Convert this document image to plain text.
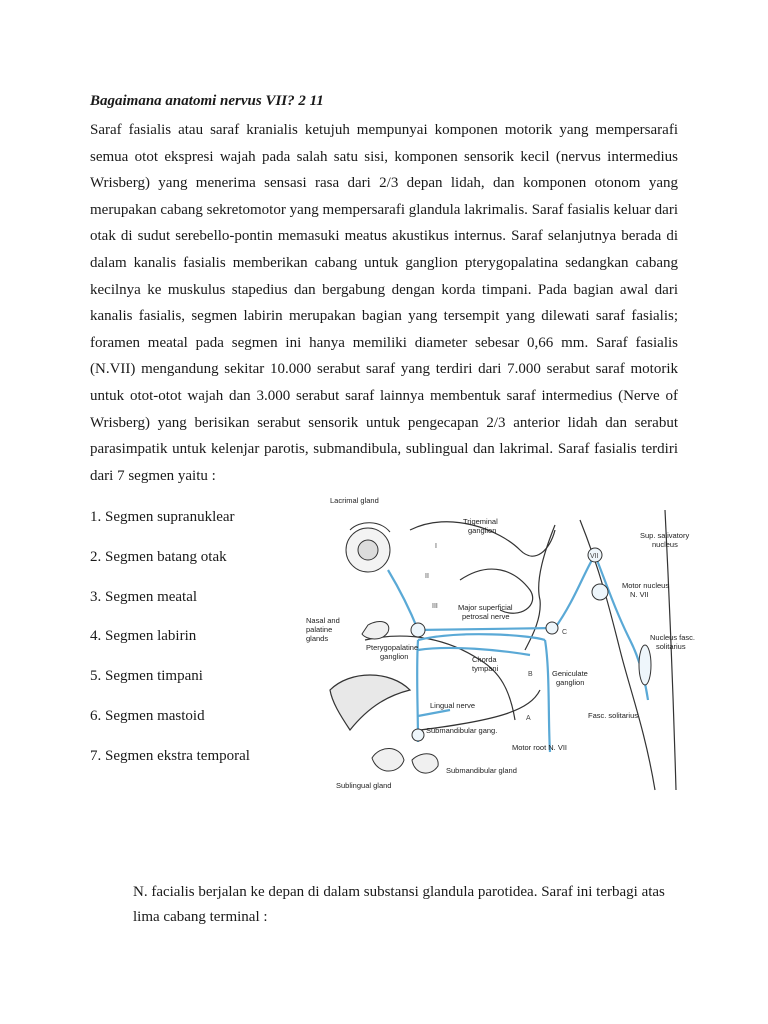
Bagaimana anatomi nervus VII? 2 11

Saraf fasialis atau saraf kranialis ketujuh mempunyai komponen motorik yang mempersarafi semua otot ekspresi wajah pada salah satu sisi, komponen sensorik kecil (nervus intermedius Wrisberg) yang menerima sensasi rasa dari 2/3 depan lidah, dan komponen otonom yang merupakan cabang sekretomotor yang mempersarafi glandula lakrimalis. Saraf fasialis keluar dari otak di sudut serebello-pontin memasuki meatus akustikus internus. Saraf selanjutnya berada di dalam kanalis fasialis memberikan cabang untuk ganglion pterygopalatina sedangkan cabang kecilnya ke muskulus stapedius dan bergabung dengan korda timpani. Pada bagian awal dari kanalis fasialis, segmen labirin merupakan bagian yang tersempit yang dilewati saraf fasialis; foramen meatal pada segmen ini hanya memiliki diameter sebesar 0,66 mm. Saraf fasialis (N.VII) mengandung sekitar 10.000 serabut saraf yang terdiri dari 7.000 serabut saraf motorik untuk otot-otot wajah dan 3.000 serabut saraf lainnya membentuk saraf intermedius (Nerve of Wrisberg) yang berisikan serabut sensorik untuk pengecapan 2/3 anterior lidah dan serabut parasimpatik untuk kelenjar parotis, submandibula, sublingual dan lakrimal. Saraf fasialis terdiri dari 7 segmen yaitu :

1. Segmen supranuklear
2. Segmen batang otak
3. Segmen meatal
4. Segmen labirin
5. Segmen timpani
6. Segmen mastoid
7. Segmen ekstra temporal
Lacrimal gland
Trigeminal
ganglion
Sup. salivatory
nucleus
Nasal and
palatine
glands
Major superficial
petrosal nerve
Motor nucleus
N. VII
Pterygopalatine
ganglion	Chorda
tympani
Nucleus fasc.
solitarius
Geniculate
ganglion
Lingual nerve
Fasc. solitarius
Submandibular gang.
Motor root N. VII
Submandibular gland
Sublingual gland
I
II
III
VII
A
B
C

N. facialis berjalan ke depan di dalam substansi glandula parotidea. Saraf ini terbagi atas lima cabang terminal :
